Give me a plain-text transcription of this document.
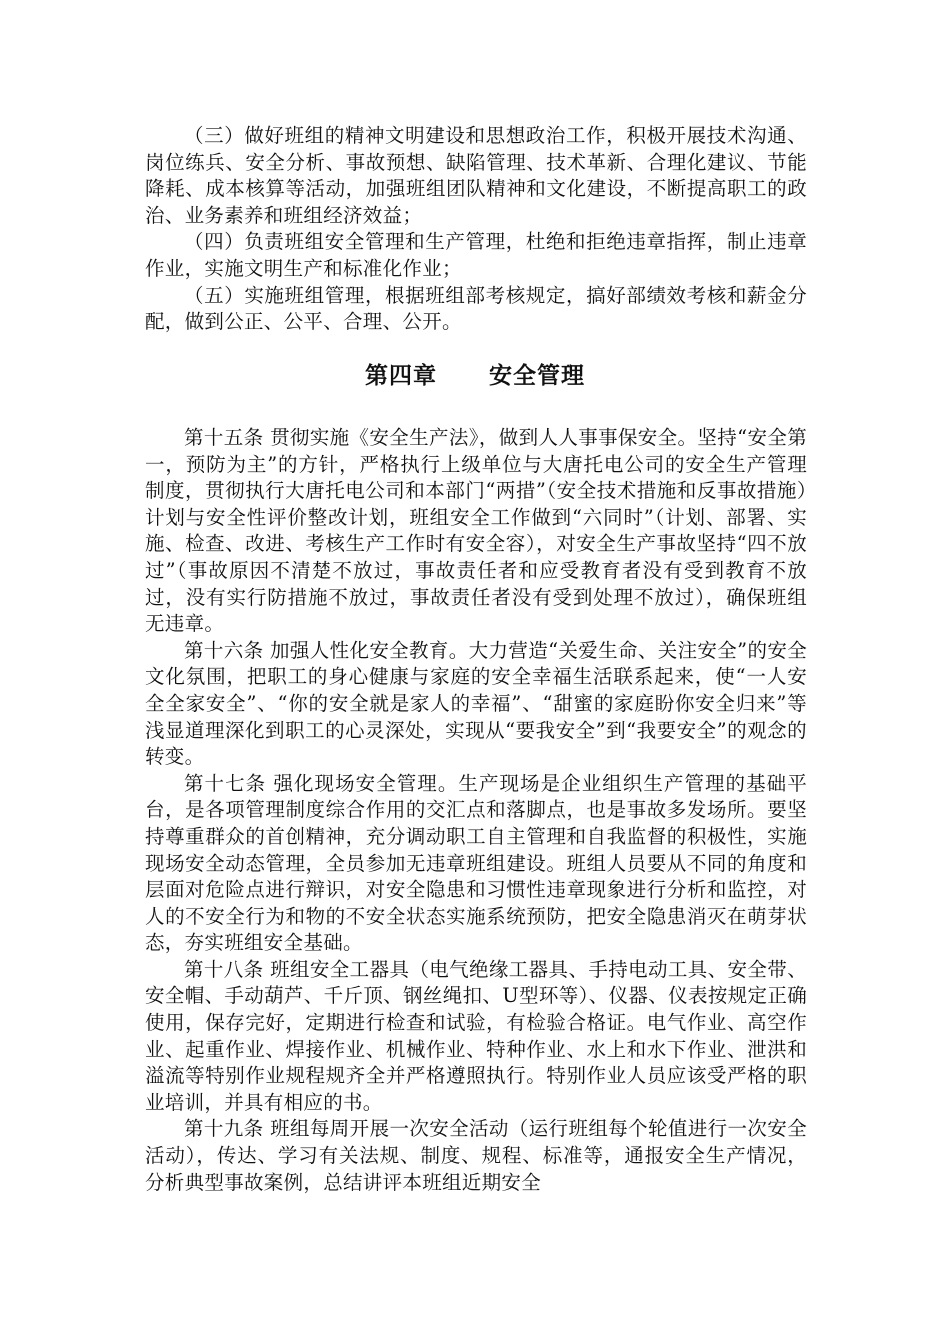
（三）做好班组的精神文明建设和思想政治工作，积极开展技术沟通、岗位练兵、安全分析、事故预想、缺陷管理、技术革新、合理化建议、节能降耗、成本核算等活动，加强班组团队精神和文化建设，不断提高职工的政治、业务素养和班组经济效益；

（四）负责班组安全管理和生产管理，杜绝和拒绝违章指挥，制止违章作业，实施文明生产和标准化作业；

（五）实施班组管理，根据班组部考核规定，搞好部绩效考核和薪金分配，做到公正、公平、合理、公开。

第四章 安全管理

第十五条 贯彻实施《安全生产法》，做到人人事事保安全。坚持“安全第一，预防为主”的方针，严格执行上级单位与大唐托电公司的安全生产管理制度，贯彻执行大唐托电公司和本部门“两措”（安全技术措施和反事故措施）计划与安全性评价整改计划，班组安全工作做到“六同时”（计划、部署、实施、检查、改进、考核生产工作时有安全容），对安全生产事故坚持“四不放过”（事故原因不清楚不放过，事故责任者和应受教育者没有受到教育不放过，没有实行防措施不放过，事故责任者没有受到处理不放过），确保班组无违章。

第十六条 加强人性化安全教育。大力营造“关爱生命、关注安全”的安全文化氛围，把职工的身心健康与家庭的安全幸福生活联系起来，使“一人安全全家安全”、“你的安全就是家人的幸福”、“甜蜜的家庭盼你安全归来”等浅显道理深化到职工的心灵深处，实现从“要我安全”到“我要安全”的观念的转变。

第十七条 强化现场安全管理。生产现场是企业组织生产管理的基础平台，是各项管理制度综合作用的交汇点和落脚点，也是事故多发场所。要坚持尊重群众的首创精神，充分调动职工自主管理和自我监督的积极性，实施现场安全动态管理，全员参加无违章班组建设。班组人员要从不同的角度和层面对危险点进行辩识，对安全隐患和习惯性违章现象进行分析和监控，对人的不安全行为和物的不安全状态实施系统预防，把安全隐患消灭在萌芽状态，夯实班组安全基础。

第十八条 班组安全工器具（电气绝缘工器具、手持电动工具、安全带、安全帽、手动葫芦、千斤顶、钢丝绳扣、U型环等）、仪器、仪表按规定正确使用，保存完好，定期进行检查和试验，有检验合格证。电气作业、高空作业、起重作业、焊接作业、机械作业、特种作业、水上和水下作业、泄洪和溢流等特别作业规程规齐全并严格遵照执行。特别作业人员应该受严格的职业培训，并具有相应的书。

第十九条 班组每周开展一次安全活动（运行班组每个轮值进行一次安全活动），传达、学习有关法规、制度、规程、标准等，通报安全生产情况，分析典型事故案例，总结讲评本班组近期安全
